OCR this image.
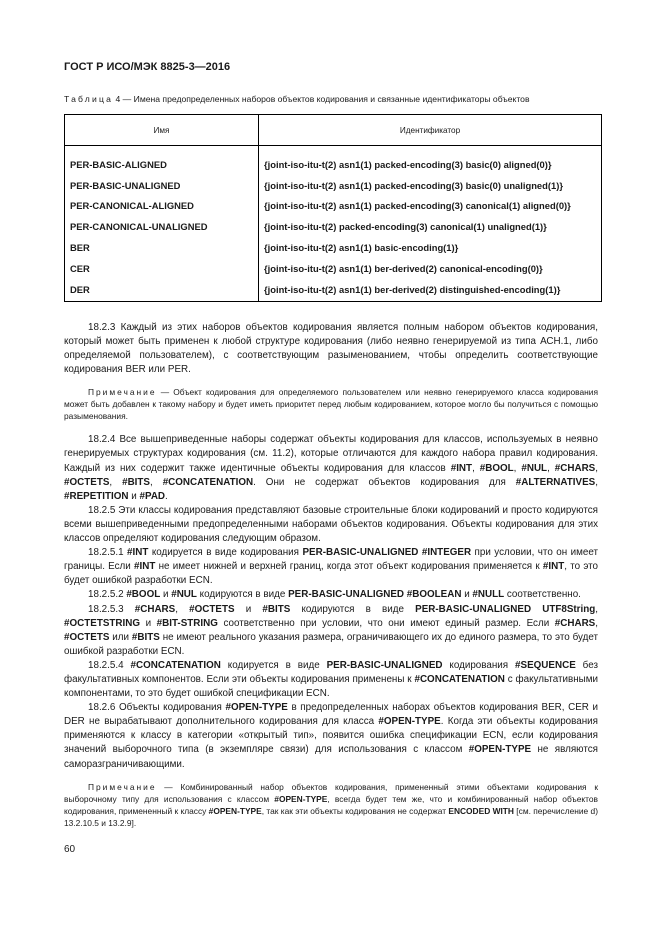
ГОСТ Р ИСО/МЭК 8825-3—2016
Таблица 4 — Имена предопределенных наборов объектов кодирования и связанные идентификаторы объектов
Имя	Идентификатор

PER-BASIC-ALIGNED	{joint-iso-itu-t(2) asn1(1) packed-encoding(3) basic(0) aligned(0)}
PER-BASIC-UNALIGNED	{joint-iso-itu-t(2) asn1(1) packed-encoding(3) basic(0) unaligned(1)}
PER-CANONICAL-ALIGNED	{joint-iso-itu-t(2) asn1(1) packed-encoding(3) canonical(1) aligned(0)}
PER-CANONICAL-UNALIGNED	{joint-iso-itu-t(2) packed-encoding(3) canonical(1) unaligned(1)}
BER	{joint-iso-itu-t(2) asn1(1) basic-encoding(1)}
CER	{joint-iso-itu-t(2) asn1(1) ber-derived(2) canonical-encoding(0)}
DER	{joint-iso-itu-t(2) asn1(1) ber-derived(2) distinguished-encoding(1)}

18.2.3 Каждый из этих наборов объектов кодирования является полным набором объектов кодирования, который может быть применен к любой структуре кодирования (либо неявно генерируемой из типа АСН.1, либо определяемой пользователем), с соответствующим разыменованием, чтобы определить соответствующие кодирования BER или PER.

Примечание — Объект кодирования для определяемого пользователем или неявно генерируемого класса кодирования может быть добавлен к такому набору и будет иметь приоритет перед любым кодированием, которое могло бы получиться с помощью разыменования.

18.2.4 Все вышеприведенные наборы содержат объекты кодирования для классов, используемых в неявно генерируемых структурах кодирования (см. 11.2), которые отличаются для каждого набора правил кодирования. Каждый из них содержит также идентичные объекты кодирования для классов #INT, #BOOL, #NUL, #CHARS, #OCTETS, #BITS, #CONCATENATION. Они не содержат объектов кодирования для #ALTERNATIVES, #REPETITION и #PAD.

18.2.5 Эти классы кодирования представляют базовые строительные блоки кодирований и просто кодируются всеми вышеприведенными предопределенными наборами объектов кодирования. Объекты кодирования для этих классов определяют кодирования следующим образом.

18.2.5.1 #INT кодируется в виде кодирования PER-BASIC-UNALIGNED #INTEGER при условии, что он имеет границы. Если #INT не имеет нижней и верхней границ, когда этот объект кодирования применяется к #INT, то это будет ошибкой разработки ECN.

18.2.5.2 #BOOL и #NUL кодируются в виде PER-BASIC-UNALIGNED #BOOLEAN и #NULL соответственно.

18.2.5.3 #CHARS, #OCTETS и #BITS кодируются в виде PER-BASIC-UNALIGNED UTF8String, #OCTETSTRING и #BIT-STRING соответственно при условии, что они имеют единый размер. Если #CHARS, #OCTETS или #BITS не имеют реального указания размера, ограничивающего их до единого размера, то это будет ошибкой разработки ECN.

18.2.5.4 #CONCATENATION кодируется в виде PER-BASIC-UNALIGNED кодирования #SEQUENCE без факультативных компонентов. Если эти объекты кодирования применены к #CONCATENATION с факультативными компонентами, то это будет ошибкой спецификации ECN.

18.2.6 Объекты кодирования #OPEN-TYPE в предопределенных наборах объектов кодирования BER, CER и DER не вырабатывают дополнительного кодирования для класса #OPEN-TYPE. Когда эти объекты кодирования применяются к классу в категории «открытый тип», появится ошибка спецификации ECN, если кодирования значений выборочного типа (в экземпляре связи) для использования с классом #OPEN-TYPE не являются саморазграничивающими.

Примечание — Комбинированный набор объектов кодирования, примененный этими объектами кодирования к выборочному типу для использования с классом #OPEN-TYPE, всегда будет тем же, что и комбинированный набор объектов кодирования, примененный к классу #OPEN-TYPE, так как эти объекты кодирования не содержат ENCODED WITH [см. перечисление d) 13.2.10.5 и 13.2.9].

60
